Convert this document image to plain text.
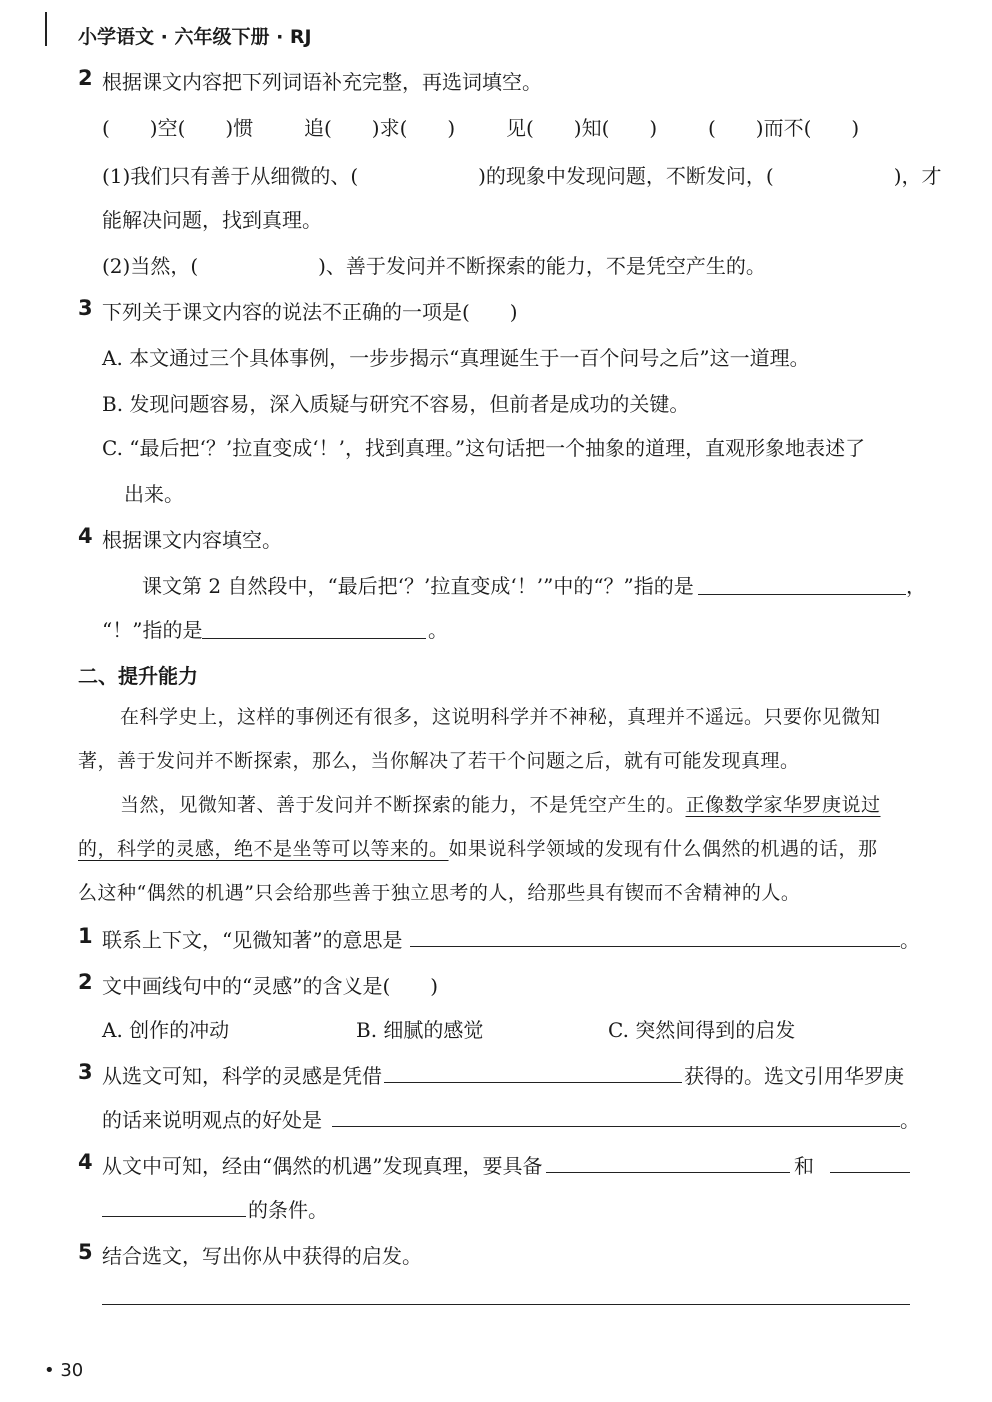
小学语文 · 六年级下册 · RJ
2 根据课文内容把下列词语补充完整，再选词填空。
(　　)空(　　)惯	追(　　)求(　　)	见(　　)知(　　)	(　　)而不(　　)
(1)我们只有善于从细微的、(　　　　　　)的现象中发现问题，不断发问，(　　　　　　)，才
能解决问题，找到真理。
(2)当然，(　　　　　　)、善于发问并不断探索的能力，不是凭空产生的。
3 下列关于课文内容的说法不正确的一项是(　　)
A. 本文通过三个具体事例，一步步揭示“真理诞生于一百个问号之后”这一道理。
B. 发现问题容易，深入质疑与研究不容易，但前者是成功的关键。
C. “最后把‘？’拉直变成‘！’，找到真理。”这句话把一个抽象的道理，直观形象地表述了
出来。
4 根据课文内容填空。
课文第 2 自然段中，“最后把‘？’拉直变成‘！’”中的“？”指的是	，
“！”指的是	。
二、提升能力
在科学史上，这样的事例还有很多，这说明科学并不神秘，真理并不遥远。只要你见微知
著，善于发问并不断探索，那么，当你解决了若干个问题之后，就有可能发现真理。
当然，见微知著、善于发问并不断探索的能力，不是凭空产生的。正像数学家华罗庚说过
的，科学的灵感，绝不是坐等可以等来的。如果说科学领域的发现有什么偶然的机遇的话，那
么这种“偶然的机遇”只会给那些善于独立思考的人，给那些具有锲而不舍精神的人。
1 联系上下文，“见微知著”的意思是	。
2 文中画线句中的“灵感”的含义是(　　)
A. 创作的冲动	B. 细腻的感觉	C. 突然间得到的启发
3 从选文可知，科学的灵感是凭借	获得的。选文引用华罗庚
的话来说明观点的好处是	。
4 从文中可知，经由“偶然的机遇”发现真理，要具备	和
的条件。
5 结合选文，写出你从中获得的启发。
• 30
